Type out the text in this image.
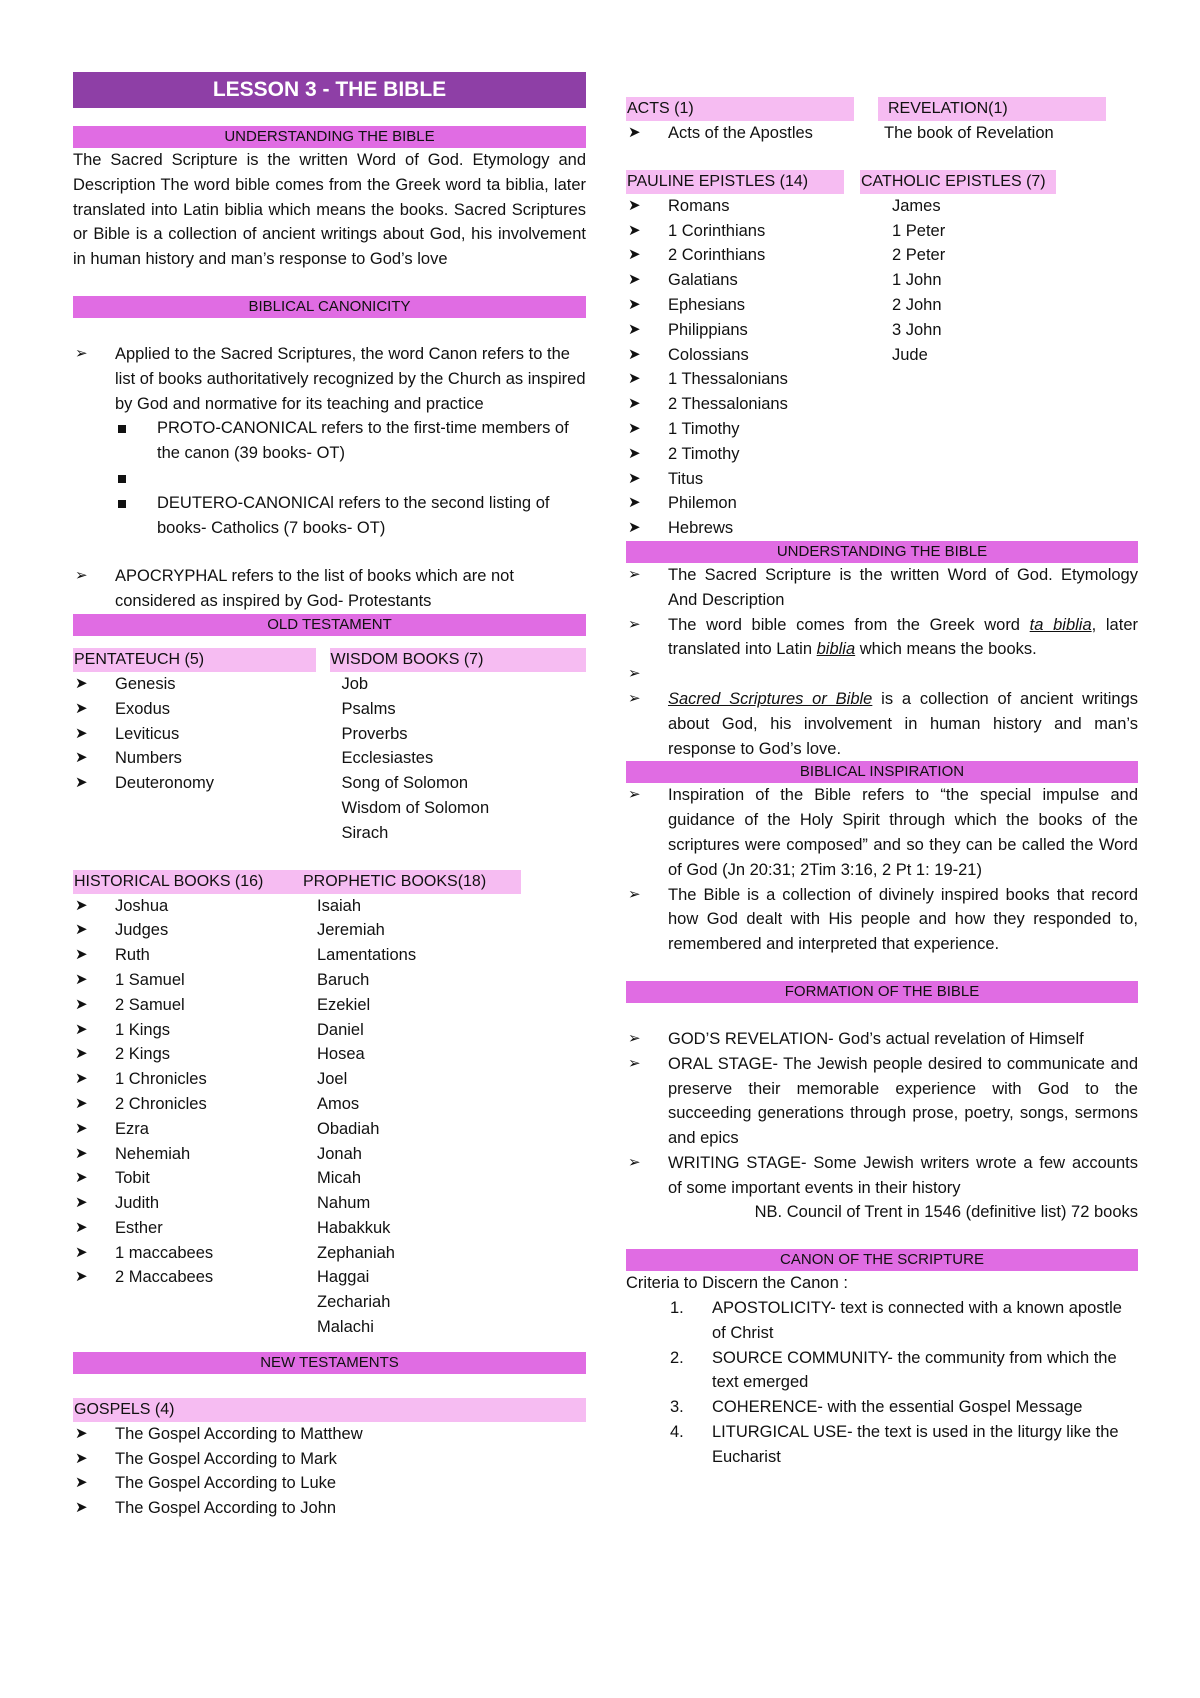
LESSON 3 - THE BIBLE
UNDERSTANDING THE BIBLE

The Sacred Scripture is the written Word of God. Etymology and Description The word bible comes from the Greek word ta biblia, later translated into Latin biblia which means the books. Sacred Scriptures or Bible is a collection of ancient writings about God, his involvement in human history and man’s response to God’s love

BIBLICAL CANONICITY
➢ Applied to the Sacred Scriptures, the word Canon refers to the list of books authoritatively recognized by the Church as inspired by God and normative for its teaching and practice
PROTO-CANONICAL refers to the first-time members of the canon (39 books- OT)
DEUTERO-CANONICAl refers to the second listing of books- Catholics (7 books- OT)
➢ APOCRYPHAL refers to the list of books which are not considered as inspired by God- Protestants
OLD TESTAMENT
PENTATEUCH (5)
➤ Genesis
➤ Exodus
➤ Leviticus
➤ Numbers
➤ Deuteronomy
WISDOM BOOKS (7)
Job
Psalms
Proverbs
Ecclesiastes
Song of Solomon
Wisdom of Solomon
Sirach
HISTORICAL BOOKS (16)
➤ Joshua
➤ Judges
➤ Ruth
➤ 1 Samuel
➤ 2 Samuel
➤ 1 Kings
➤ 2 Kings
➤ 1 Chronicles
➤ 2 Chronicles
➤ Ezra
➤ Nehemiah
➤ Tobit
➤ Judith
➤ Esther
➤ 1 maccabees
➤ 2 Maccabees
PROPHETIC BOOKS(18)
Isaiah
Jeremiah
Lamentations
Baruch
Ezekiel
Daniel
Hosea
Joel
Amos
Obadiah
Jonah
Micah
Nahum
Habakkuk
Zephaniah
Haggai
Zechariah
Malachi
NEW TESTAMENTS
GOSPELS (4)
➤ The Gospel According to Matthew
➤ The Gospel According to Mark
➤ The Gospel According to Luke
➤ The Gospel According to John
ACTS (1)
➤ Acts of the Apostles
REVELATION(1)
The book of Revelation
PAULINE EPISTLES (14)
➤ Romans
➤ 1 Corinthians
➤ 2 Corinthians
➤ Galatians
➤ Ephesians
➤ Philippians
➤ Colossians
➤ 1 Thessalonians
➤ 2 Thessalonians
➤ 1 Timothy
➤ 2 Timothy
➤ Titus
➤ Philemon
➤ Hebrews
CATHOLIC EPISTLES (7)
James
1 Peter
2 Peter
1 John
2 John
3 John
Jude
UNDERSTANDING THE BIBLE
➢ The Sacred Scripture is the written Word of God. Etymology And Description
➢ The word bible comes from the Greek word ta biblia, later translated into Latin biblia which means the books.
➢
➢ Sacred Scriptures or Bible is a collection of ancient writings about God, his involvement in human history and man’s response to God’s love.
BIBLICAL INSPIRATION
➢ Inspiration of the Bible refers to “the special impulse and guidance of the Holy Spirit through which the books of the scriptures were composed” and so they can be called the Word of God (Jn 20:31; 2Tim 3:16, 2 Pt 1: 19-21)
➢ The Bible is a collection of divinely inspired books that record how God dealt with His people and how they responded to, remembered and interpreted that experience.
FORMATION OF THE BIBLE
➢ GOD’S REVELATION- God’s actual revelation of Himself
➢ ORAL STAGE- The Jewish people desired to communicate and preserve their memorable experience with God to the succeeding generations through prose, poetry, songs, sermons and epics
➢ WRITING STAGE- Some Jewish writers wrote a few accounts of some important events in their history

NB. Council of Trent in 1546 (definitive list) 72 books

CANON OF THE SCRIPTURE

Criteria to Discern the Canon :

1. APOSTOLICITY- text is connected with a known apostle of Christ
2. SOURCE COMMUNITY- the community from which the text emerged
3. COHERENCE- with the essential Gospel Message
4. LITURGICAL USE- the text is used in the liturgy like the Eucharist
